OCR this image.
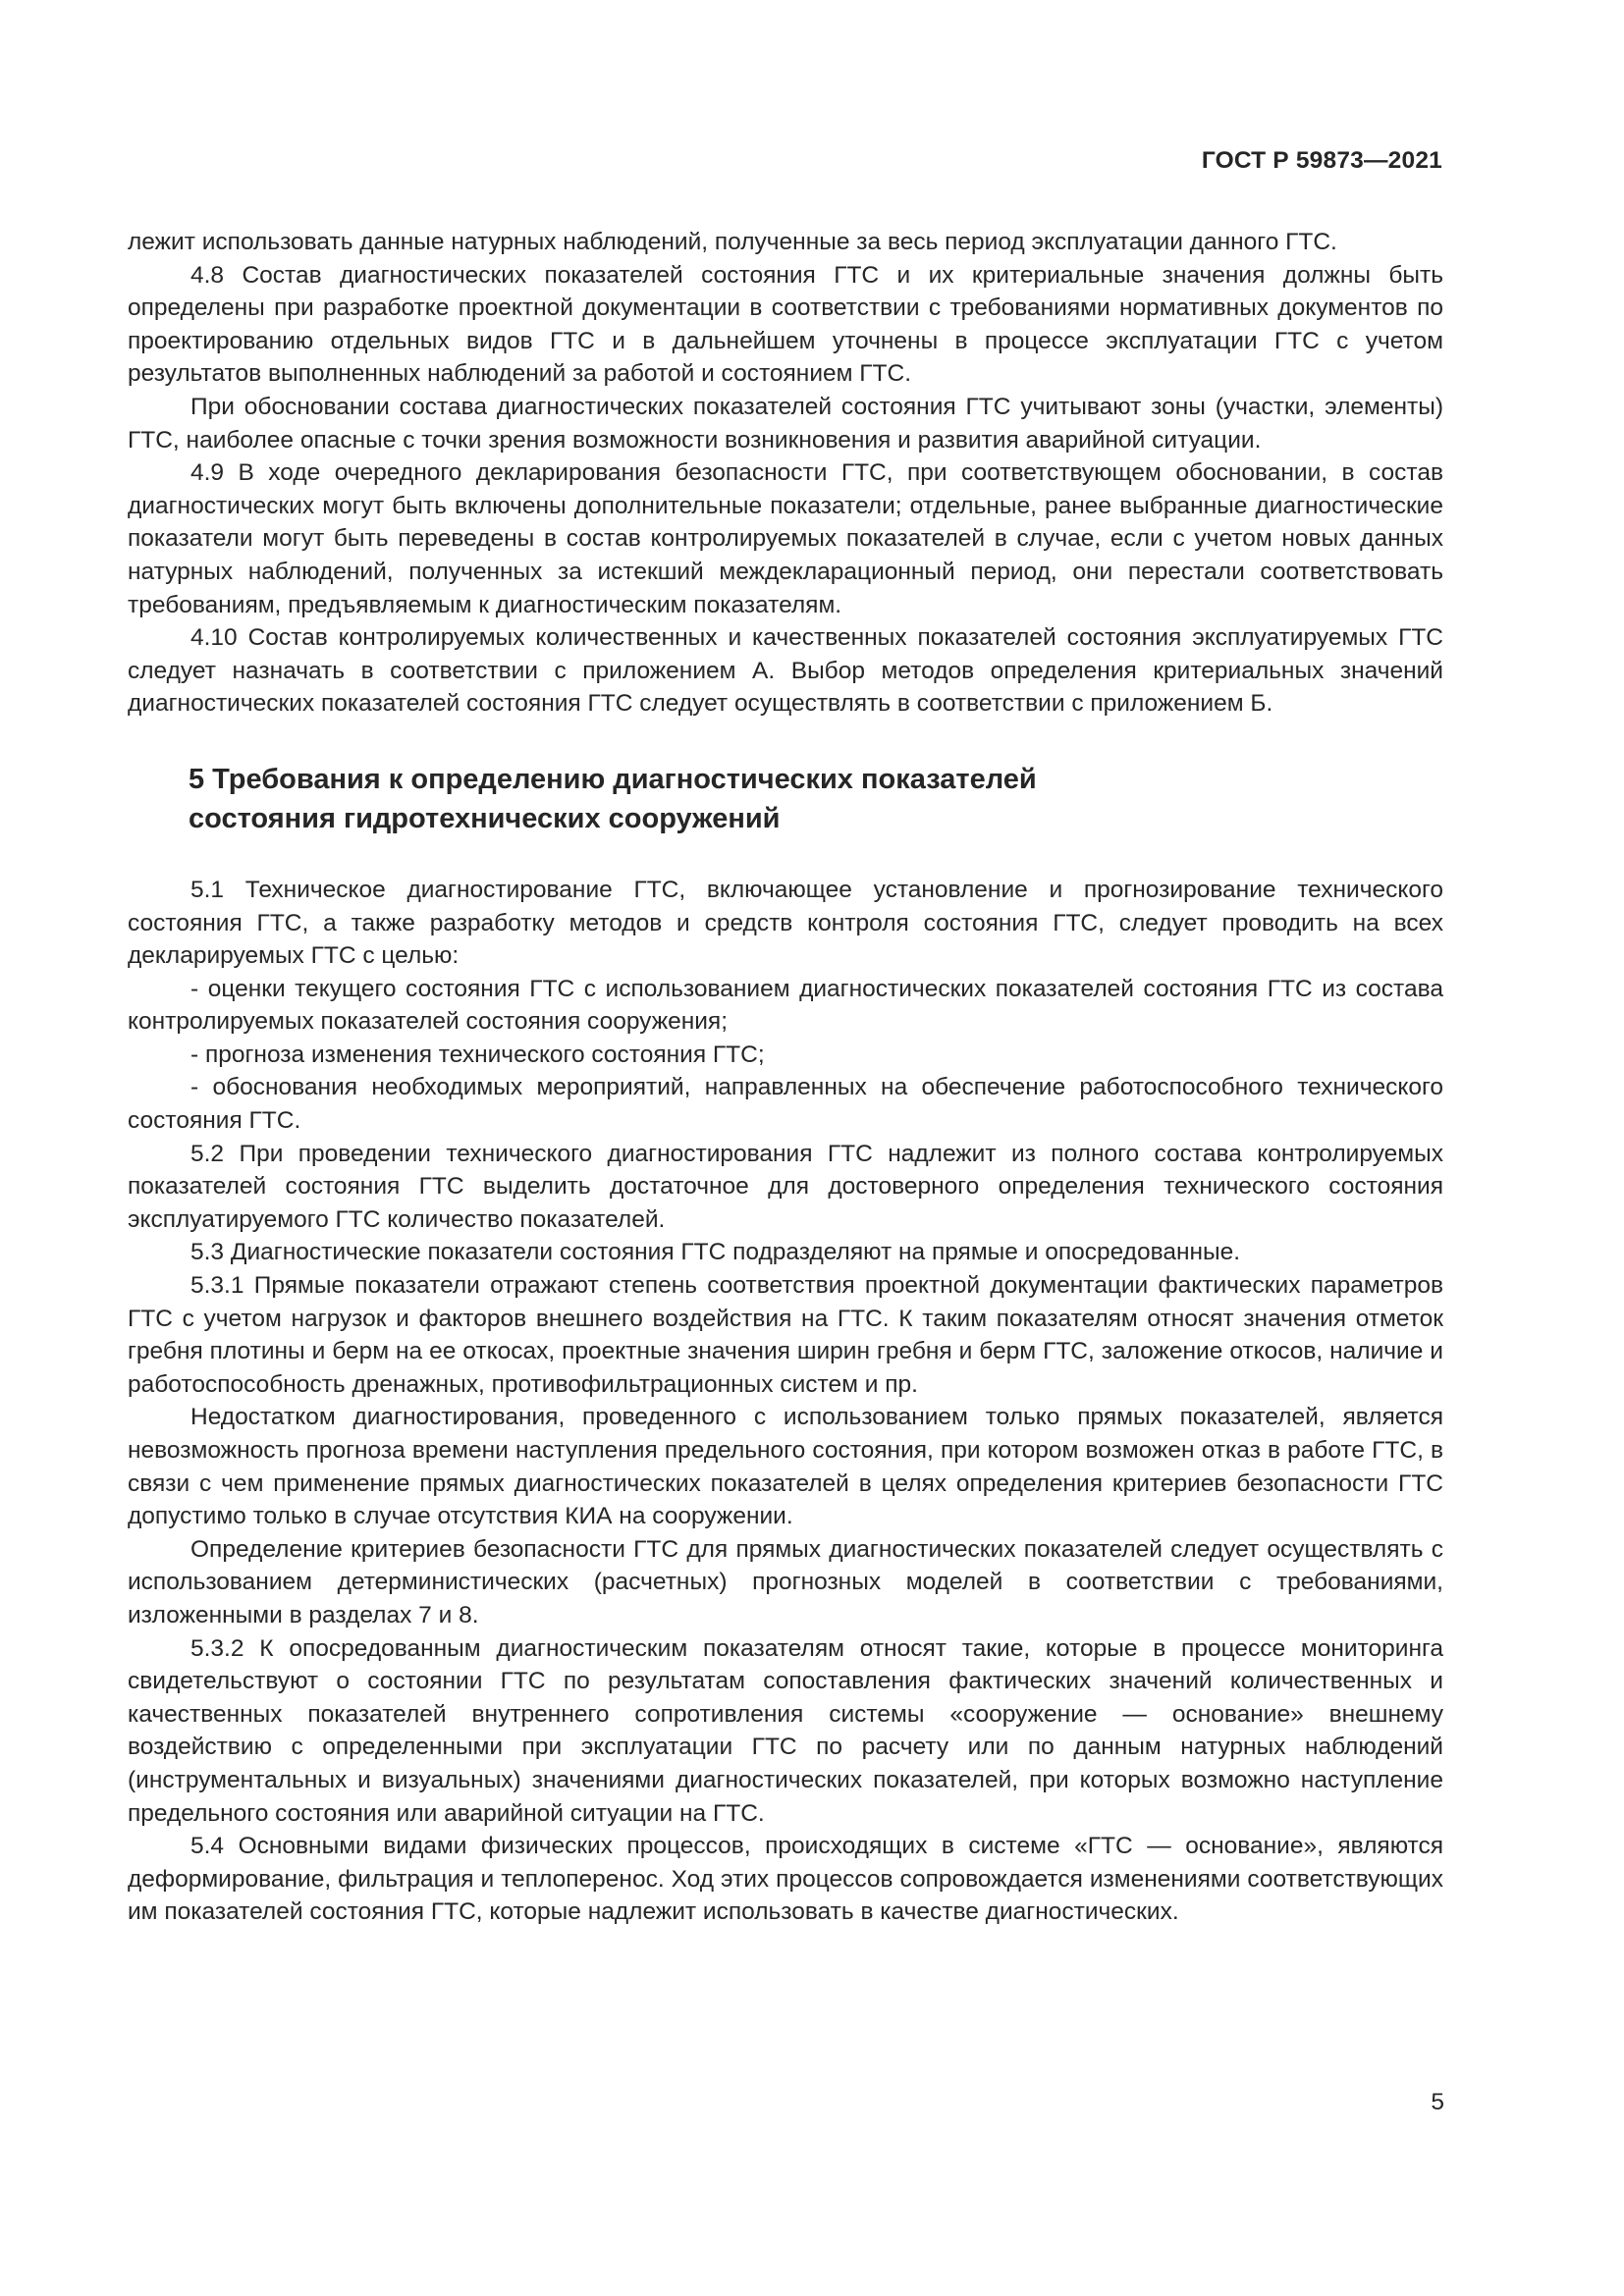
ГОСТ Р 59873—2021

лежит использовать данные натурных наблюдений, полученные за весь период эксплуатации данного ГТС.

4.8 Состав диагностических показателей состояния ГТС и их критериальные значения должны быть определены при разработке проектной документации в соответствии с требованиями нормативных документов по проектированию отдельных видов ГТС и в дальнейшем уточнены в процессе эксплуатации ГТС с учетом результатов выполненных наблюдений за работой и состоянием ГТС.

При обосновании состава диагностических показателей состояния ГТС учитывают зоны (участки, элементы) ГТС, наиболее опасные с точки зрения возможности возникновения и развития аварийной ситуации.

4.9 В ходе очередного декларирования безопасности ГТС, при соответствующем обосновании, в состав диагностических могут быть включены дополнительные показатели; отдельные, ранее выбранные диагностические показатели могут быть переведены в состав контролируемых показателей в случае, если с учетом новых данных натурных наблюдений, полученных за истекший междекларационный период, они перестали соответствовать требованиям, предъявляемым к диагностическим показателям.

4.10 Состав контролируемых количественных и качественных показателей состояния эксплуатируемых ГТС следует назначать в соответствии с приложением А. Выбор методов определения критериальных значений диагностических показателей состояния ГТС следует осуществлять в соответствии с приложением Б.

5 Требования к определению диагностических показателей
состояния гидротехнических сооружений

5.1 Техническое диагностирование ГТС, включающее установление и прогнозирование технического состояния ГТС, а также разработку методов и средств контроля состояния ГТС, следует проводить на всех декларируемых ГТС с целью:

- оценки текущего состояния ГТС с использованием диагностических показателей состояния ГТС из состава контролируемых показателей состояния сооружения;

- прогноза изменения технического состояния ГТС;

- обоснования необходимых мероприятий, направленных на обеспечение работоспособного технического состояния ГТС.

5.2 При проведении технического диагностирования ГТС надлежит из полного состава контролируемых показателей состояния ГТС выделить достаточное для достоверного определения технического состояния эксплуатируемого ГТС количество показателей.

5.3 Диагностические показатели состояния ГТС подразделяют на прямые и опосредованные.

5.3.1 Прямые показатели отражают степень соответствия проектной документации фактических параметров ГТС с учетом нагрузок и факторов внешнего воздействия на ГТС. К таким показателям относят значения отметок гребня плотины и берм на ее откосах, проектные значения ширин гребня и берм ГТС, заложение откосов, наличие и работоспособность дренажных, противофильтрационных систем и пр.

Недостатком диагностирования, проведенного с использованием только прямых показателей, является невозможность прогноза времени наступления предельного состояния, при котором возможен отказ в работе ГТС, в связи с чем применение прямых диагностических показателей в целях определения критериев безопасности ГТС допустимо только в случае отсутствия КИА на сооружении.

Определение критериев безопасности ГТС для прямых диагностических показателей следует осуществлять с использованием детерминистических (расчетных) прогнозных моделей в соответствии с требованиями, изложенными в разделах 7 и 8.

5.3.2 К опосредованным диагностическим показателям относят такие, которые в процессе мониторинга свидетельствуют о состоянии ГТС по результатам сопоставления фактических значений количественных и качественных показателей внутреннего сопротивления системы «сооружение — основание» внешнему воздействию с определенными при эксплуатации ГТС по расчету или по данным натурных наблюдений (инструментальных и визуальных) значениями диагностических показателей, при которых возможно наступление предельного состояния или аварийной ситуации на ГТС.

5.4 Основными видами физических процессов, происходящих в системе «ГТС — основание», являются деформирование, фильтрация и теплоперенос. Ход этих процессов сопровождается изменениями соответствующих им показателей состояния ГТС, которые надлежит использовать в качестве диагностических.

5
